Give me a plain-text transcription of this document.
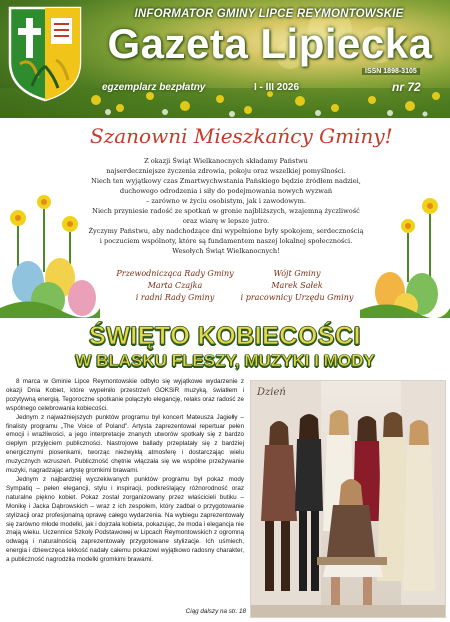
INFORMATOR GMINY LIPCE REYMONTOWSKIE
Gazeta Lipiecka
ISSN 1898-3105
egzemplarz bezpłatny	I - III 2026	nr 72
Szanowni Mieszkańcy Gminy!
Z okazji Świąt Wielkanocnych składamy Państwu
najserdeczniejsze życzenia zdrowia, pokoju oraz wszelkiej pomyślności.
Niech ten wyjątkowy czas Zmartwychwstania Pańskiego będzie źródłem nadziei,
duchowego odrodzenia i siły do podejmowania nowych wyzwań
– zarówno w życiu osobistym, jak i zawodowym.
Niech przyniesie radość ze spotkań w gronie najbliższych, wzajemną życzliwość
oraz wiarę w lepsze jutro.
Życzymy Państwu, aby nadchodzące dni wypełnione były spokojem, serdecznością
i poczuciem wspólnoty, które są fundamentem naszej lokalnej społeczności.
Wesołych Świąt Wielkanocnych!
Przewodnicząca Rady Gminy
Marta Czajka
i radni Rady Gminy
Wójt Gminy
Marek Sałek
i pracownicy Urzędu Gminy
ŚWIĘTO KOBIECOŚCI
W BLASKU FLESZY, MUZYKI I MODY

8 marca w Gminie Lipce Reymontowskie odbyło się wyjątkowe wydarzenie z okazji Dnia Kobiet, które wypełniło przestrzeń GOKSiR muzyką, światłem i pozytywną energią. Tegoroczne spotkanie połączyło elegancję, relaks oraz radość ze wspólnego celebrowania kobiecości.

Jednym z najważniejszych punktów programu był koncert Mateusza Jagiełły – finalisty programu „The Voice of Poland”. Artysta zaprezentował repertuar pełen emocji i wrażliwości, a jego interpretacje znanych utworów spotkały się z bardzo ciepłym przyjęciem publiczności. Nastrojowe ballady przeplatały się z bardziej energicznymi piosenkami, tworząc niezwykłą atmosferę i dostarczając wielu muzycznych wzruszeń. Publiczność chętnie włączała się we wspólne przeżywanie muzyki, nagradzając artystę gromkimi brawami.

Jednym z najbardziej wyczekiwanych punktów programu był pokaz mody Sympatiq – pełen elegancji, stylu i inspiracji, podkreślający różnorodność oraz naturalne piękno kobiet. Pokaz został zorganizowany przez właścicieli butiku – Monikę i Jacka Dąbrowskich – wraz z ich zespołem, który zadbał o przygotowanie stylizacji oraz profesjonalną oprawę całego wydarzenia. Na wybiegu zaprezentowały się zarówno młode modelki, jak i dojrzała kobieta, pokazując, że moda i elegancja nie znają wieku. Uczennice Szkoły Podstawowej w Lipcach Reymontowskich z ogromną odwagą i naturalnością zaprezentowały przygotowane stylizacje. Ich uśmiech, energia i dziewczęca lekkość nadały całemu pokazowi wyjątkowo radosny charakter, a publiczność nagrodziła modelki gromkimi brawami.

Ciąg dalszy na str. 18
Dzień
